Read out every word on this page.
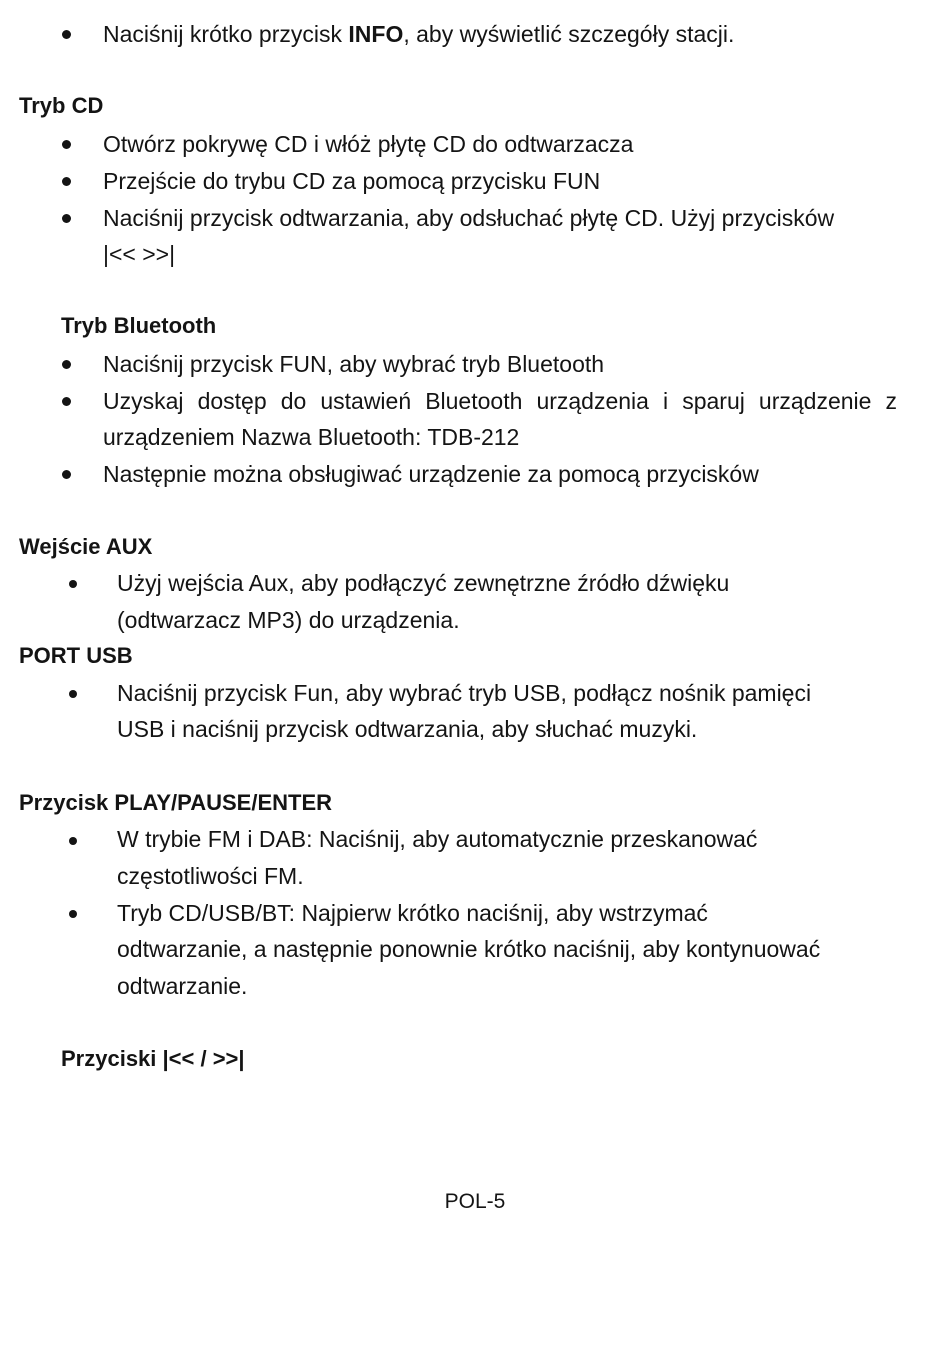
Naciśnij krótko przycisk INFO, aby wyświetlić szczegóły stacji.
Tryb CD
Otwórz pokrywę CD i włóż płytę CD do odtwarzacza
Przejście do trybu CD za pomocą przycisku FUN
Naciśnij przycisk odtwarzania, aby odsłuchać płytę CD. Użyj przycisków
|<< >>|
Tryb Bluetooth
Naciśnij przycisk FUN, aby wybrać tryb Bluetooth
Uzyskaj dostęp do ustawień Bluetooth urządzenia i sparuj urządzenie z
urządzeniem Nazwa Bluetooth: TDB-212
Następnie można obsługiwać urządzenie za pomocą przycisków
Wejście AUX
Użyj wejścia Aux, aby podłączyć zewnętrzne źródło dźwięku
(odtwarzacz MP3) do urządzenia.
PORT USB
Naciśnij przycisk Fun, aby wybrać tryb USB, podłącz nośnik pamięci
USB i naciśnij przycisk odtwarzania, aby słuchać muzyki.
Przycisk PLAY/PAUSE/ENTER
W trybie FM i DAB: Naciśnij, aby automatycznie przeskanować
częstotliwości FM.
Tryb CD/USB/BT: Najpierw krótko naciśnij, aby wstrzymać
odtwarzanie, a następnie ponownie krótko naciśnij, aby kontynuować
odtwarzanie.
Przyciski |<< / >>|
POL-5
